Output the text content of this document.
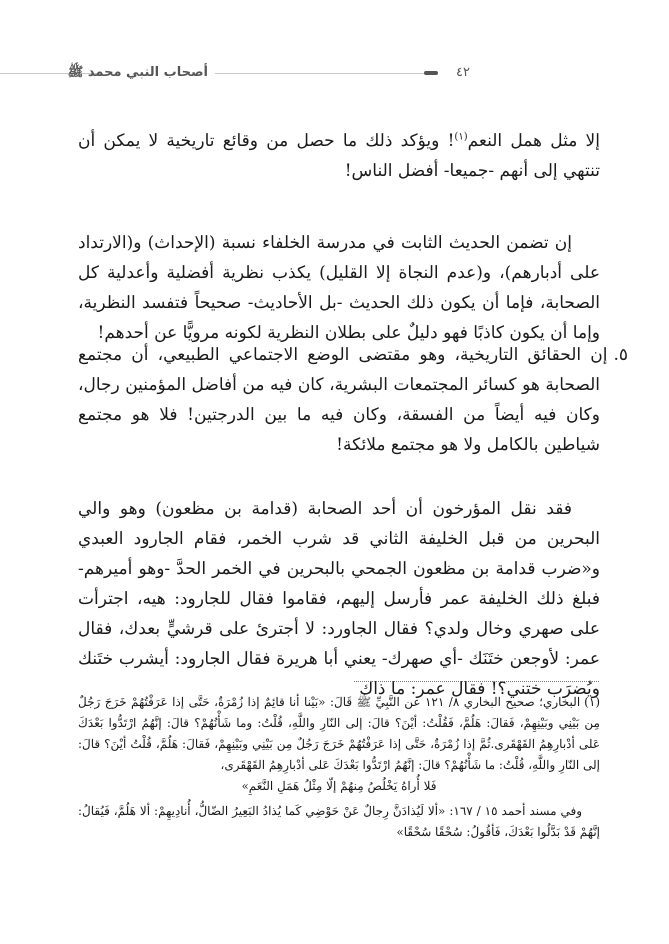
أصحاب النبي محمد ﷺ	٤٢
إلا مثل همل النعم$^{(١)}$! ويؤكد ذلك ما حصل من وقائع تاريخية لا يمكن أن تنتهي إلى أنهم -جميعا- أفضل الناس!
إن تضمن الحديث الثابت في مدرسة الخلفاء نسبة (الإحداث) و(الارتداد على أدبارهم)، و(عدم النجاة إلا القليل) يكذب نظرية أفضلية وأعدلية كل الصحابة، فإما أن يكون ذلك الحديث -بل الأحاديث- صحيحاً فتفسد النظرية، وإما أن يكون كاذبًا فهو دليلٌ على بطلان النظرية لكونه مرويًّا عن أحدهم!
٥.إن الحقائق التاريخية، وهو مقتضى الوضع الاجتماعي الطبيعي، أن مجتمع الصحابة هو كسائر المجتمعات البشرية، كان فيه من أفاضل المؤمنين رجال، وكان فيه أيضاً من الفسقة، وكان فيه ما بين الدرجتين! فلا هو مجتمع شياطين بالكامل ولا هو مجتمع ملائكة!
فقد نقل المؤرخون أن أحد الصحابة (قدامة بن مظعون) وهو والي البحرين من قبل الخليفة الثاني قد شرب الخمر، فقام الجارود العبدي و«ضرب قدامة بن مظعون الجمحي بالبحرين في الخمر الحدَّ -وهو أميرهم- فبلغ ذلك الخليفة عمر فأرسل إليهم، فقاموا فقال للجارود: هيه، اجترأت على صهري وخال ولدي؟ فقال الجاورد: لا أجترئ على قرشيٍّ بعدك، فقال عمر: لأوجعن ختَنَك -أي صهرك- يعني أبا هريرة فقال الجارود: أيشرب ختَنك ويُضرَب ختني؟! فقال عمر: ما ذاك
(١)البخاري؛ صحيح البخاري ٨/ ١٢١ عن النَّبِيِّ ﷺ قَالَ: «بَيْنا أنا قائِمٌ إذا زُمْرَةٌ، حَتَّى إذا عَرَفْتُهُمْ خَرَجَ رَجُلٌ مِن بَيْنِي وبَيْنِهِمْ، فَقالَ: هَلُمَّ، فَقُلْتُ: أيْنَ؟ قالَ: إلى النّارِ واللَّهِ، قُلْتُ: وما شَأْنُهُمْ؟ قالَ: إنَّهُمُ ارْتَدُّوا بَعْدَكَ عَلى أدْبارِهِمُ القَهْقَرى.ثُمَّ إذا زُمْرَةٌ، حَتَّى إذا عَرَفْتُهُمْ خَرَجَ رَجُلٌ مِن بَيْنِي وبَيْنِهِمْ، فَقالَ: هَلُمَّ، قُلْتُ أيْنَ؟ قالَ: إلى النّارِ واللَّهِ، قُلْتُ: ما شَأْنُهُمْ؟ قالَ: إنَّهُمُ ارْتَدُّوا بَعْدَكَ عَلى أدْبارِهِمُ القَهْقَرى،
فَلا أُراهُ يَخْلُصُ مِنهُمْ إلّا مِثْلُ هَمَلِ النَّعَمِ»
وفي مسند أحمد ١٥ / ١٦٧: «ألا لَيُذادَنَّ رِجالٌ عَنْ حَوْضِي كَما يُذادُ البَعِيرُ الضّالُّ، أُنادِيهِمْ: ألا هَلُمَّ، فَيُقالُ: إنَّهُمْ قَدْ بَدَّلُوا بَعْدَكَ، فَأقُولُ: سُحْقًا سُحْقًا»
